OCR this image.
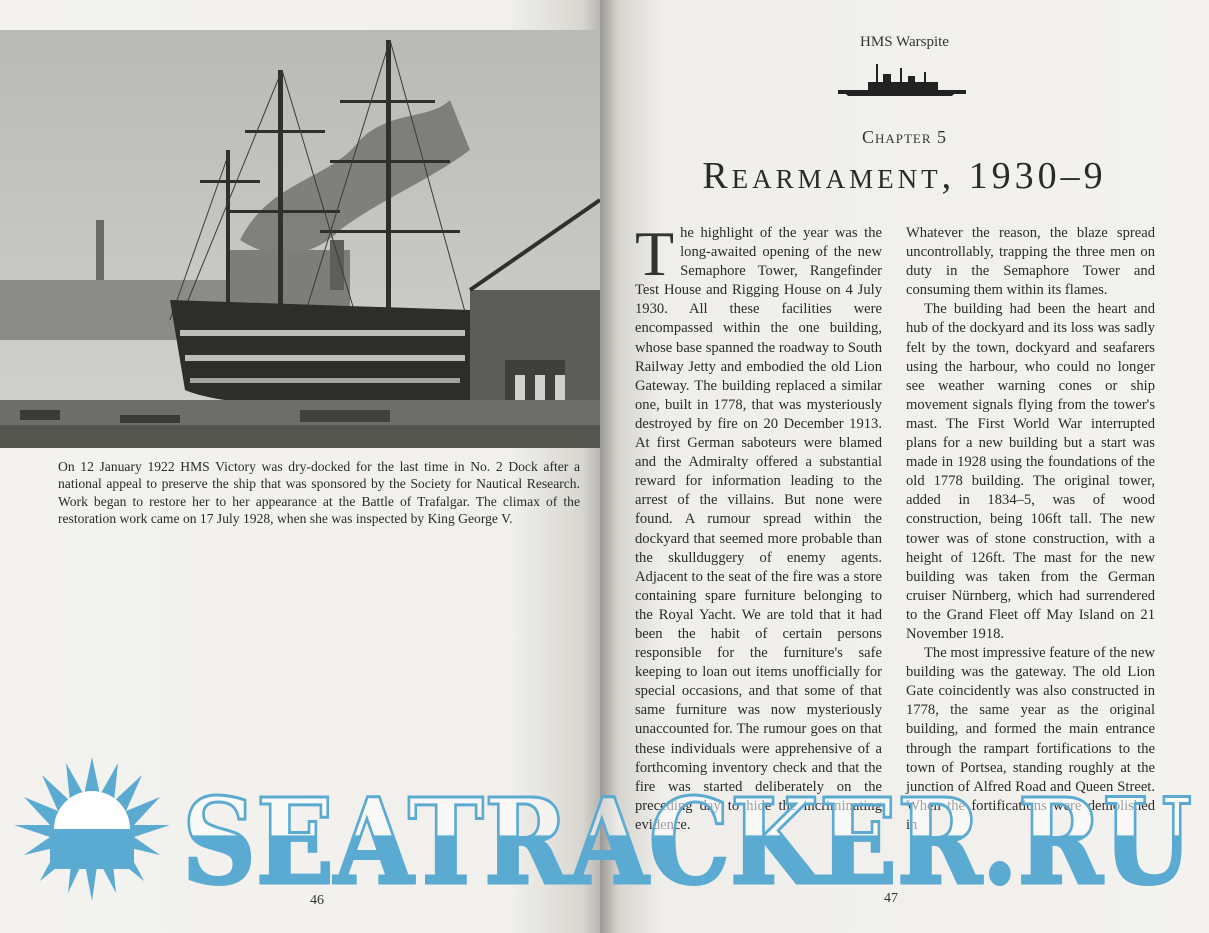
On 12 January 1922 HMS Victory was dry-docked for the last time in No. 2 Dock after a national appeal to preserve the ship that was sponsored by the Society for Nautical Research. Work began to restore her to her appearance at the Battle of Trafalgar. The climax of the restoration work came on 17 July 1928, when she was inspected by King George V.
46
HMS Warspite
Chapter 5
Rearmament, 1930–9

T he highlight of the year was the long-awaited opening of the new Semaphore Tower, Rangefinder Test House and Rigging House on 4 July 1930. All these facilities were encompassed within the one building, whose base spanned the roadway to South Railway Jetty and embodied the old Lion Gateway. The building replaced a similar one, built in 1778, that was mysteriously destroyed by fire on 20 December 1913. At first German saboteurs were blamed and the Admiralty offered a substantial reward for information leading to the arrest of the villains. But none were found. A rumour spread within the dockyard that seemed more probable than the skullduggery of enemy agents. Adjacent to the seat of the fire was a store containing spare furniture belonging to the Royal Yacht. We are told that it had been the habit of certain persons responsible for the furniture's safe keeping to loan out items unofficially for special occasions, and that some of that same furniture was now mysteriously unaccounted for. The rumour goes on that these individuals were apprehensive of a forthcoming inventory check and that the fire was started deliberately on the preceding day to hide the incriminating evidence.

Whatever the reason, the blaze spread uncontrollably, trapping the three men on duty in the Semaphore Tower and consuming them within its flames.

The building had been the heart and hub of the dockyard and its loss was sadly felt by the town, dockyard and seafarers using the harbour, who could no longer see weather warning cones or ship movement signals flying from the tower's mast. The First World War interrupted plans for a new building but a start was made in 1928 using the foundations of the old 1778 building. The original tower, added in 1834–5, was of wood construction, being 106ft tall. The new tower was of stone construction, with a height of 126ft. The mast for the new building was taken from the German cruiser Nürnberg, which had surrendered to the Grand Fleet off May Island on 21 November 1918.

The most impressive feature of the new building was the gateway. The old Lion Gate coincidently was also constructed in 1778, the same year as the original building, and formed the main entrance through the rampart fortifications to the town of Portsea, standing roughly at the junction of Alfred Road and Queen Street. When the fortifications were demolished in

47
SEATRACKER.RU
